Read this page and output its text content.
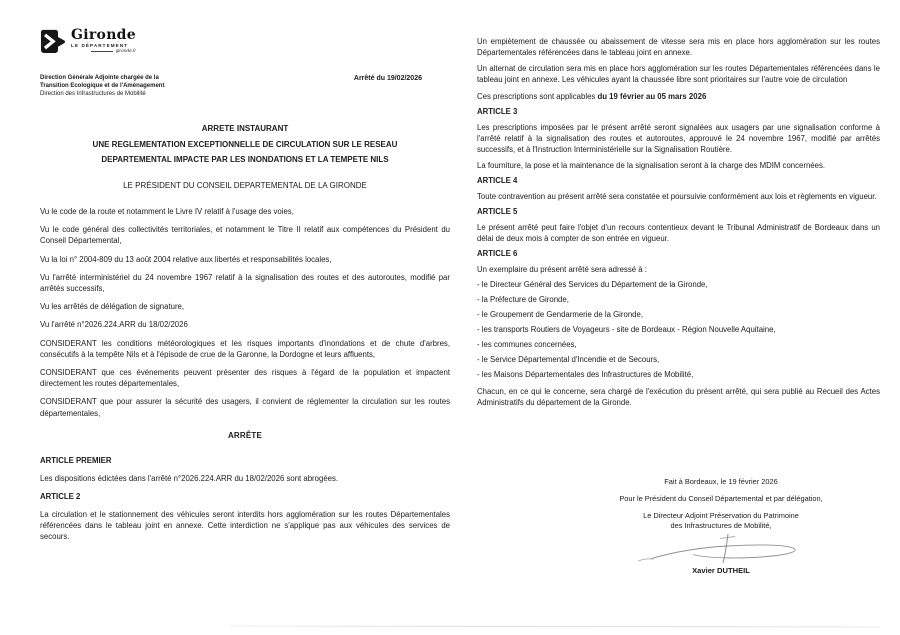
Gironde
LE DÉPARTEMENT
gironde.fr
Direction Générale Adjointe chargée de la
Transition Ecologique et de l'Aménagement
Direction des Infrastructures de Mobilité
Arrêté du 19/02/2026
ARRETE INSTAURANT
UNE REGLEMENTATION EXCEPTIONNELLE DE CIRCULATION SUR LE RESEAU
DEPARTEMENTAL IMPACTE PAR LES INONDATIONS ET LA TEMPETE NILS
LE PRÉSIDENT DU CONSEIL DEPARTEMENTAL DE LA GIRONDE

Vu le code de la route et notamment le Livre IV relatif à l'usage des voies,

Vu le code général des collectivités territoriales, et notamment le Titre II relatif aux compétences du Président du Conseil Départemental,

Vu la loi n° 2004-809 du 13 août 2004 relative aux libertés et responsabilités locales,

Vu l'arrêté interministériel du 24 novembre 1967 relatif à la signalisation des routes et des autoroutes, modifié par arrêtés successifs,

Vu les arrêtés de délégation de signature,

Vu l'arrêté n°2026.224.ARR du 18/02/2026

CONSIDERANT les conditions météorologiques et les risques importants d'inondations et de chute d'arbres, consécutifs à la tempête Nils et à l'épisode de crue de la Garonne, la Dordogne et leurs affluents,

CONSIDERANT que ces événements peuvent présenter des risques à l'égard de la population et impactent directement les routes départementales,

CONSIDERANT que pour assurer la sécurité des usagers, il convient de réglementer la circulation sur les routes départementales,

ARRÊTE
ARTICLE PREMIER

Les dispositions édictées dans l'arrêté n°2026.224.ARR du 18/02/2026 sont abrogées.

ARTICLE 2

La circulation et le stationnement des véhicules seront interdits hors agglomération sur les routes Départementales référencées dans le tableau joint en annexe. Cette interdiction ne s'applique pas aux véhicules des services de secours.

Un empiètement de chaussée ou abaissement de vitesse sera mis en place hors agglomération sur les routes Départementales référencées dans le tableau joint en annexe.

Un alternat de circulation sera mis en place hors agglomération sur les routes Départementales référencées dans le tableau joint en annexe. Les véhicules ayant la chaussée libre sont prioritaires sur l'autre voie de circulation

Ces prescriptions sont applicables du 19 février au 05 mars 2026

ARTICLE 3

Les prescriptions imposées par le présent arrêté seront signalées aux usagers par une signalisation conforme à l'arrêté relatif à la signalisation des routes et autoroutes, approuvé le 24 novembre 1967, modifié par arrêtés successifs, et à l'Instruction Interministérielle sur la Signalisation Routière.

La fourniture, la pose et la maintenance de la signalisation seront à la charge des MDIM concernées.

ARTICLE 4

Toute contravention au présent arrêté sera constatée et poursuivie conformément aux lois et règlements en vigueur.

ARTICLE 5

Le présent arrêté peut faire l'objet d'un recours contentieux devant le Tribunal Administratif de Bordeaux dans un délai de deux mois à compter de son entrée en vigueur.

ARTICLE 6

Un exemplaire du présent arrêté sera adressé à :

- le Directeur Général des Services du Département de la Gironde,

- la Préfecture de Gironde,

- le Groupement de Gendarmerie de la Gironde,

- les transports Routiers de Voyageurs - site de Bordeaux - Région Nouvelle Aquitaine,

- les communes concernées,

- le Service Départemental d'Incendie et de Secours,

- les Maisons Départementales des Infrastructures de Mobilité,

Chacun, en ce qui le concerne, sera chargé de l'exécution du présent arrêté, qui sera publié au Recueil des Actes Administratifs du département de la Gironde.

Fait à Bordeaux, le 19 février 2026
Pour le Président du Conseil Départemental et par délégation,
Le Directeur Adjoint Préservation du Patrimoine
des Infrastructures de Mobilité,
Xavier DUTHEIL
